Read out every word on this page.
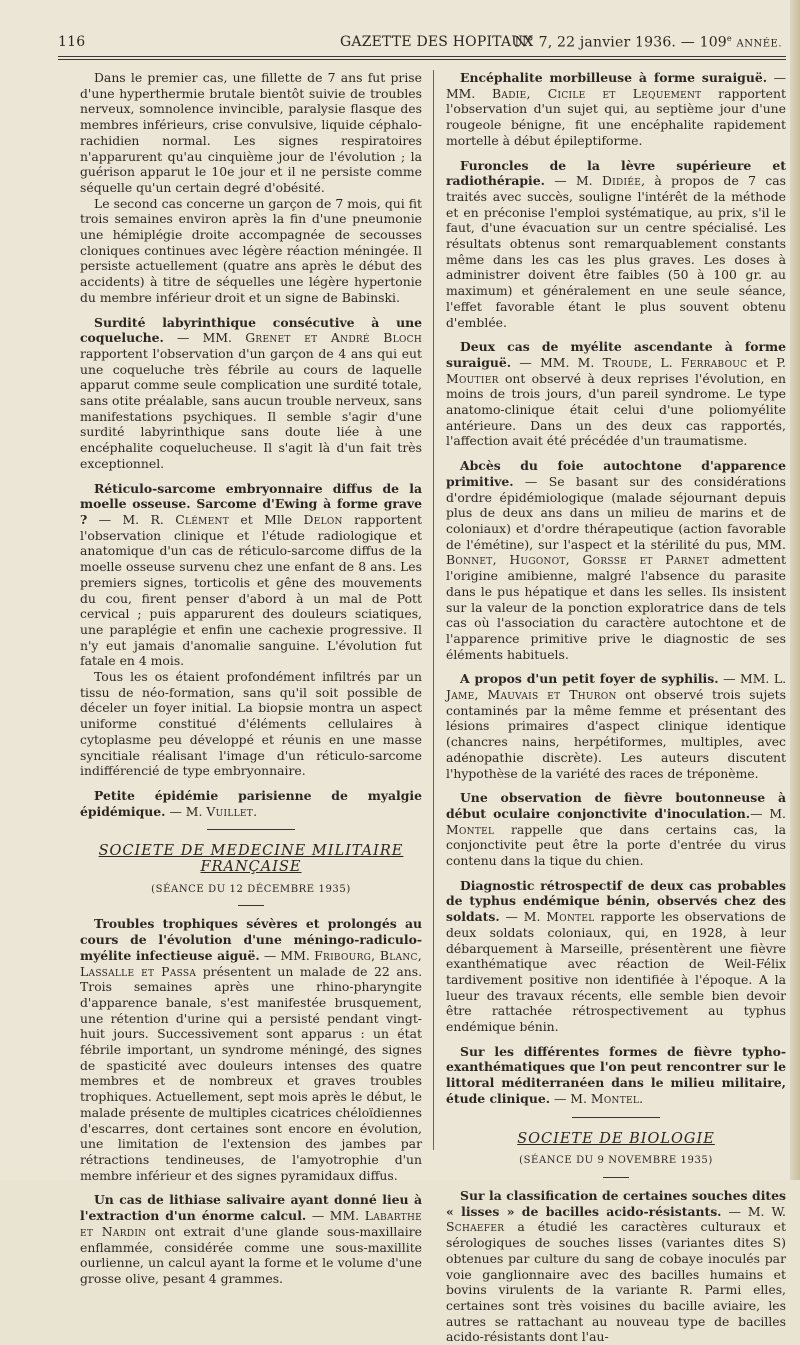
116	GAZETTE DES HOPITAUX
N° 7, 22 janvier 1936. — 109e ANNÉE.

Dans le premier cas, une fillette de 7 ans fut prise d'une hyperthermie brutale bientôt suivie de troubles nerveux, somnolence invincible, paralysie flasque des membres inférieurs, crise convulsive, liquide céphalo-rachidien normal. Les signes respiratoires n'apparurent qu'au cinquième jour de l'évolution ; la guérison apparut le 10e jour et il ne persiste comme séquelle qu'un certain degré d'obésité.

Le second cas concerne un garçon de 7 mois, qui fit trois semaines environ après la fin d'une pneumonie une hémiplégie droite accompagnée de secousses cloniques continues avec légère réaction méningée. Il persiste actuellement (quatre ans après le début des accidents) à titre de séquelles une légère hypertonie du membre inférieur droit et un signe de Babinski.

Surdité labyrinthique consécutive à une coqueluche. — MM. Grenet et André Bloch rapportent l'observation d'un garçon de 4 ans qui eut une coqueluche très fébrile au cours de laquelle apparut comme seule complication une surdité totale, sans otite préalable, sans aucun trouble nerveux, sans manifestations psychiques. Il semble s'agir d'une surdité labyrinthique sans doute liée à une encéphalite coquelucheuse. Il s'agit là d'un fait très exceptionnel.

Réticulo-sarcome embryonnaire diffus de la moelle osseuse. Sarcome d'Ewing à forme grave ? — M. R. Clément et Mlle Delon rapportent l'observation clinique et l'étude radiologique et anatomique d'un cas de réticulo-sarcome diffus de la moelle osseuse survenu chez une enfant de 8 ans. Les premiers signes, torticolis et gêne des mouvements du cou, firent penser d'abord à un mal de Pott cervical ; puis apparurent des douleurs sciatiques, une paraplégie et enfin une cachexie progressive. Il n'y eut jamais d'anomalie sanguine. L'évolution fut fatale en 4 mois.

Tous les os étaient profondément infiltrés par un tissu de néo-formation, sans qu'il soit possible de déceler un foyer initial. La biopsie montra un aspect uniforme constitué d'éléments cellulaires à cytoplasme peu développé et réunis en une masse syncitiale réalisant l'image d'un réticulo-sarcome indifférencié de type embryonnaire.

Petite épidémie parisienne de myalgie épidémique. — M. Vuillet.

SOCIETE DE MEDECINE MILITAIRE FRANÇAISE
(SÉANCE DU 12 DÉCEMBRE 1935)

Troubles trophiques sévères et prolongés au cours de l'évolution d'une méningo-radiculo-myélite infectieuse aiguë. — MM. Fribourg, Blanc, Lassalle et Passa présentent un malade de 22 ans. Trois semaines après une rhino-pharyngite d'apparence banale, s'est manifestée brusquement, une rétention d'urine qui a persisté pendant vingt-huit jours. Successivement sont apparus : un état fébrile important, un syndrome méningé, des signes de spasticité avec douleurs intenses des quatre membres et de nombreux et graves troubles trophiques. Actuellement, sept mois après le début, le malade présente de multiples cicatrices chéloïdiennes d'escarres, dont certaines sont encore en évolution, une limitation de l'extension des jambes par rétractions tendineuses, de l'amyotrophie d'un membre inférieur et des signes pyramidaux diffus.

Un cas de lithiase salivaire ayant donné lieu à l'extraction d'un énorme calcul. — MM. Labarthe et Nardin ont extrait d'une glande sous-maxillaire enflammée, considérée comme une sous-maxillite ourlienne, un calcul ayant la forme et le volume d'une grosse olive, pesant 4 grammes.

Encéphalite morbilleuse à forme suraiguë. — MM. Badie, Cicile et Lequement rapportent l'observation d'un sujet qui, au septième jour d'une rougeole bénigne, fit une encéphalite rapidement mortelle à début épileptiforme.

Furoncles de la lèvre supérieure et radiothérapie. — M. Didiée, à propos de 7 cas traités avec succès, souligne l'intérêt de la méthode et en préconise l'emploi systématique, au prix, s'il le faut, d'une évacuation sur un centre spécialisé. Les résultats obtenus sont remarquablement constants même dans les cas les plus graves. Les doses à administrer doivent être faibles (50 à 100 gr. au maximum) et généralement en une seule séance, l'effet favorable étant le plus souvent obtenu d'emblée.

Deux cas de myélite ascendante à forme suraiguë. — MM. M. Troude, L. Ferrabouc et P. Moutier ont observé à deux reprises l'évolution, en moins de trois jours, d'un pareil syndrome. Le type anatomo-clinique était celui d'une poliomyélite antérieure. Dans un des deux cas rapportés, l'affection avait été précédée d'un traumatisme.

Abcès du foie autochtone d'apparence primitive. — Se basant sur des considérations d'ordre épidémiologique (malade séjournant depuis plus de deux ans dans un milieu de marins et de coloniaux) et d'ordre thérapeutique (action favorable de l'émétine), sur l'aspect et la stérilité du pus, MM. Bonnet, Hugonot, Gorsse et Parnet admettent l'origine amibienne, malgré l'absence du parasite dans le pus hépatique et dans les selles. Ils insistent sur la valeur de la ponction exploratrice dans de tels cas où l'association du caractère autochtone et de l'apparence primitive prive le diagnostic de ses éléments habituels.

A propos d'un petit foyer de syphilis. — MM. L. Jame, Mauvais et Thuron ont observé trois sujets contaminés par la même femme et présentant des lésions primaires d'aspect clinique identique (chancres nains, herpétiformes, multiples, avec adénopathie discrète). Les auteurs discutent l'hypothèse de la variété des races de tréponème.

Une observation de fièvre boutonneuse à début oculaire conjonctivite d'inoculation.— M. Montel rappelle que dans certains cas, la conjonctivite peut être la porte d'entrée du virus contenu dans la tique du chien.

Diagnostic rétrospectif de deux cas probables de typhus endémique bénin, observés chez des soldats. — M. Montel rapporte les observations de deux soldats coloniaux, qui, en 1928, à leur débarquement à Marseille, présentèrent une fièvre exanthématique avec réaction de Weil-Félix tardivement positive non identifiée à l'époque. A la lueur des travaux récents, elle semble bien devoir être rattachée rétrospectivement au typhus endémique bénin.

Sur les différentes formes de fièvre typho-exanthématiques que l'on peut rencontrer sur le littoral méditerranéen dans le milieu militaire, étude clinique. — M. Montel.

SOCIETE DE BIOLOGIE
(SÉANCE DU 9 NOVEMBRE 1935)

Sur la classification de certaines souches dites « lisses » de bacilles acido-résistants. — M. W. Schaefer a étudié les caractères culturaux et sérologiques de souches lisses (variantes dites S) obtenues par culture du sang de cobaye inoculés par voie ganglionnaire avec des bacilles humains et bovins virulents de la variante R. Parmi elles, certaines sont très voisines du bacille aviaire, les autres se rattachant au nouveau type de bacilles acido-résistants dont l'au-
